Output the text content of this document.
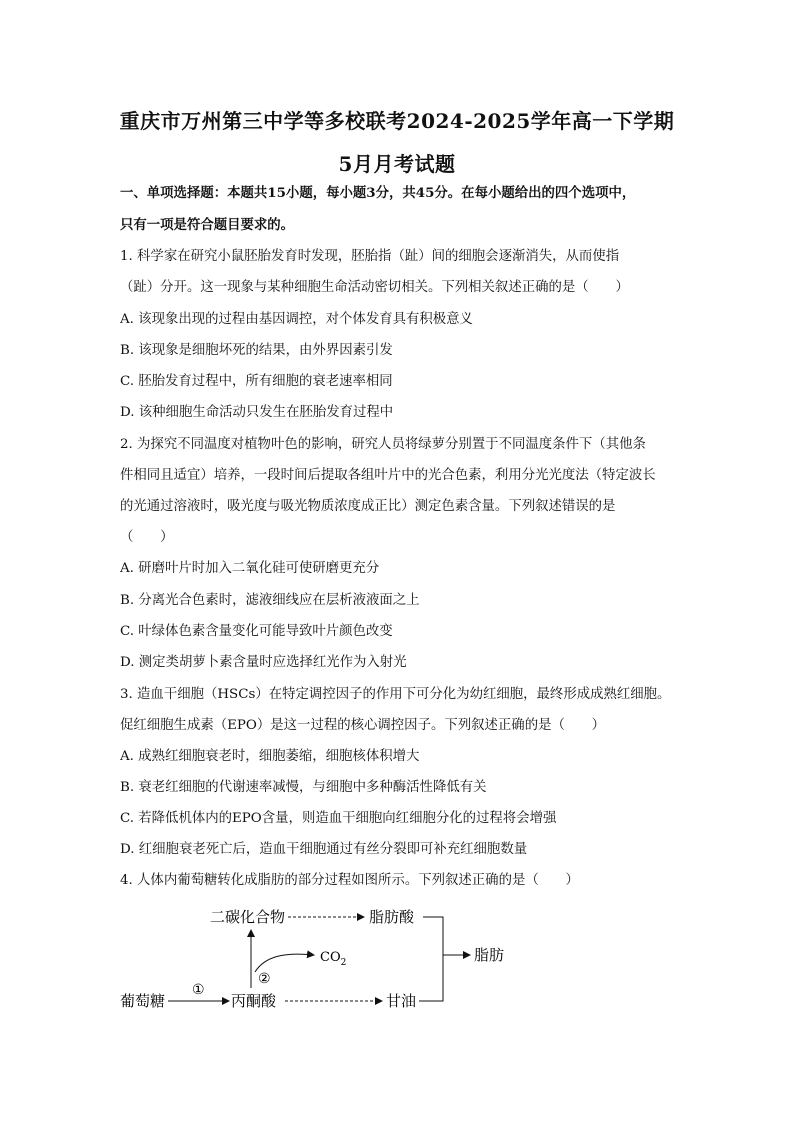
重庆市万州第三中学等多校联考2024-2025学年高一下学期
5月月考试题
一、单项选择题：本题共15小题，每小题3分，共45分。在每小题给出的四个选项中，
只有一项是符合题目要求的。
1. 科学家在研究小鼠胚胎发育时发现，胚胎指（趾）间的细胞会逐渐消失，从而使指
（趾）分开。这一现象与某种细胞生命活动密切相关。下列相关叙述正确的是（　　）
A. 该现象出现的过程由基因调控，对个体发育具有积极意义
B. 该现象是细胞坏死的结果，由外界因素引发
C. 胚胎发育过程中，所有细胞的衰老速率相同
D. 该种细胞生命活动只发生在胚胎发育过程中
2. 为探究不同温度对植物叶色的影响，研究人员将绿萝分别置于不同温度条件下（其他条
件相同且适宜）培养，一段时间后提取各组叶片中的光合色素，利用分光光度法（特定波长
的光通过溶液时，吸光度与吸光物质浓度成正比）测定色素含量。下列叙述错误的是
（　　）
A. 研磨叶片时加入二氧化硅可使研磨更充分
B. 分离光合色素时，滤液细线应在层析液液面之上
C. 叶绿体色素含量变化可能导致叶片颜色改变
D. 测定类胡萝卜素含量时应选择红光作为入射光
3. 造血干细胞（HSCs）在特定调控因子的作用下可分化为幼红细胞，最终形成成熟红细胞。
促红细胞生成素（EPO）是这一过程的核心调控因子。下列叙述正确的是（　　）
A. 成熟红细胞衰老时，细胞萎缩，细胞核体积增大
B. 衰老红细胞的代谢速率减慢，与细胞中多种酶活性降低有关
C. 若降低机体内的EPO含量，则造血干细胞向红细胞分化的过程将会增强
D. 红细胞衰老死亡后，造血干细胞通过有丝分裂即可补充红细胞数量
4. 人体内葡萄糖转化成脂肪的部分过程如图所示。下列叙述正确的是（　　）
二碳化合物	脂肪酸
$CO_2$	脂肪
葡萄糖
①
丙酮酸
②
甘油
